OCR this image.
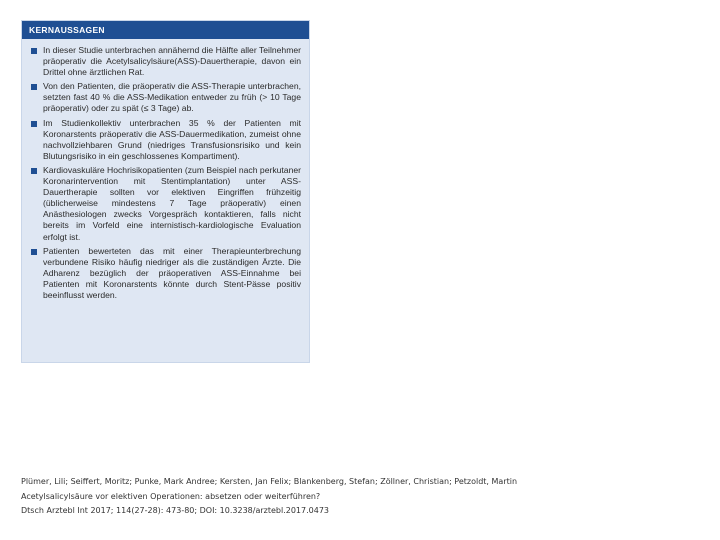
KERNAUSSAGEN
In dieser Studie unterbrachen annähernd die Hälfte aller Teilnehmer präoperativ die Acetylsalicylsäure(ASS)-Dauertherapie, davon ein Drittel ohne ärztlichen Rat.
Von den Patienten, die präoperativ die ASS-Therapie unterbrachen, setzten fast 40 % die ASS-Medikation entweder zu früh (> 10 Tage präoperativ) oder zu spät (≤ 3 Tage) ab.
Im Studienkollektiv unterbrachen 35 % der Patienten mit Koronarstents präoperativ die ASS-Dauermedikation, zumeist ohne nachvollziehbaren Grund (niedriges Transfusionsrisiko und kein Blutungsrisiko in ein geschlossenes Kompartiment).
Kardiovaskuläre Hochrisikopatienten (zum Beispiel nach perkutaner Koronarintervention mit Stentimplantation) unter ASS-Dauertherapie sollten vor elektiven Eingriffen frühzeitig (üblicherweise mindestens 7 Tage präoperativ) einen Anästhesiologen zwecks Vorgespräch kontaktieren, falls nicht bereits im Vorfeld eine internistisch-kardiologische Evaluation erfolgt ist.
Patienten bewerteten das mit einer Therapieunterbrechung verbundene Risiko häufig niedriger als die zuständigen Ärzte. Die Adharenz bezüglich der präoperativen ASS-Einnahme bei Patienten mit Koronarstents könnte durch Stent-Pässe positiv beeinflusst werden.
Plümer, Lili; Seiffert, Moritz; Punke, Mark Andree; Kersten, Jan Felix; Blankenberg, Stefan; Zöllner, Christian; Petzoldt, Martin
Acetylsalicylsäure vor elektiven Operationen: absetzen oder weiterführen?
Dtsch Arztebl Int 2017; 114(27-28): 473-80; DOI: 10.3238/arztebl.2017.0473
